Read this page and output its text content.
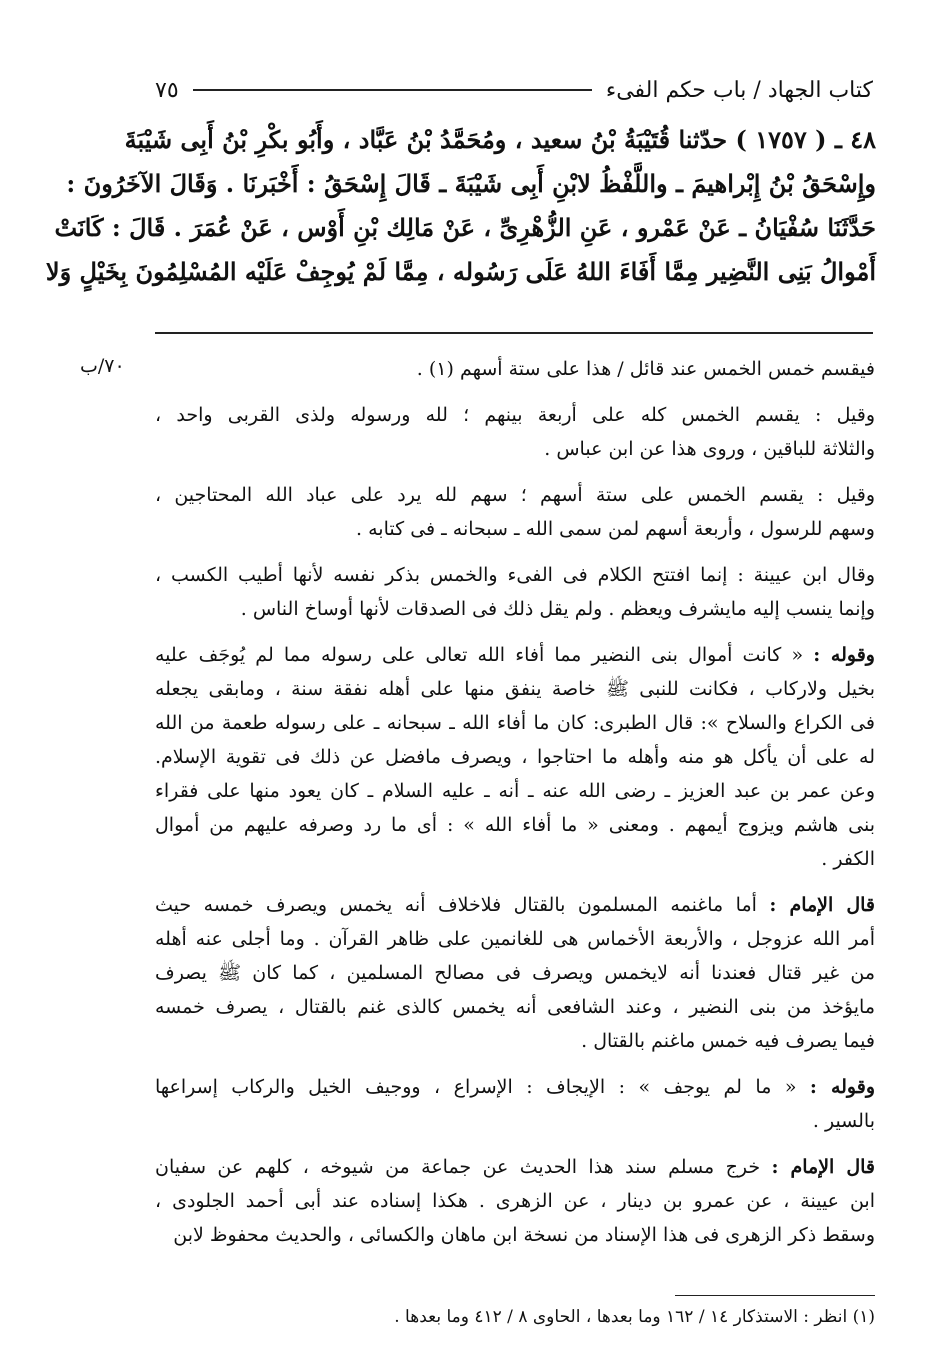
كتاب الجهاد / باب حكم الفىء
٧٥
٤٨ ـ ( ١٧٥٧ ) حدّثنا قُتَيْبَةُ بْنُ سعيد ، ومُحَمَّدُ بْنُ عَبَّاد ، وأَبُو بكْرِ بْنُ أَبِى شَيْبَةَ
وإِسْحَقُ بْنُ إِبْراهيمَ ـ واللَّفْظُ لابْنِ أَبِى شَيْبَةَ ـ قَالَ إِسْحَقُ : أَخْبَرنَا . وَقَالَ الآخَرُونَ :
حَدَّثَنَا سُفْيَانُ ـ عَنْ عَمْرو ، عَنِ الزُّهْرِىِّ ، عَنْ مَالِك بْنِ أَوْس ، عَنْ عُمَرَ . قَالَ : كَانَتْ
أَمْوالُ بَنِى النَّضِير مِمَّا أَفَاءَ اللهُ عَلَى رَسُوله ، مِمَّا لَمْ يُوجِفْ عَلَيْه المُسْلِمُونَ بِخَيْلٍ وَلا
٧٠/ب	فيقسم خمس الخمس عند قائل / هذا على ستة أسهم (١) .
وقيل : يقسم الخمس كله على أربعة بينهم ؛ لله ورسوله ولذى القربى واحد ،
والثلاثة للباقين ، وروى هذا عن ابن عباس .
وقيل : يقسم الخمس على ستة أسهم ؛ سهم لله يرد على عباد الله المحتاجين ،
وسهم للرسول ، وأربعة أسهم لمن سمى الله ـ سبحانه ـ فى كتابه .
وقال ابن عيينة : إنما افتتح الكلام فى الفىء والخمس بذكر نفسه لأنها أطيب الكسب ،
وإنما ينسب إليه مايشرف ويعظم . ولم يقل ذلك فى الصدقات لأنها أوساخ الناس .
وقوله : « كانت أموال بنى النضير مما أفاء الله تعالى على رسوله مما لم يُوجَف عليه
بخيل ولاركاب ، فكانت للنبى ﷺ خاصة ينفق منها على أهله نفقة سنة ، ومابقى يجعله
فى الكراع والسلاح »: قال الطبرى: كان ما أفاء الله ـ سبحانه ـ على رسوله طعمة من الله
له على أن يأكل هو منه وأهله ما احتاجوا ، ويصرف مافضل عن ذلك فى تقوية الإسلام.
وعن عمر بن عبد العزيز ـ رضى الله عنه ـ أنه ـ عليه السلام ـ كان يعود منها على فقراء
بنى هاشم ويزوج أيمهم . ومعنى « ما أفاء الله » : أى ما رد وصرفه عليهم من أموال
الكفر .
قال الإمام : أما ماغنمه المسلمون بالقتال فلاخلاف أنه يخمس ويصرف خمسه حيث
أمر الله عزوجل ، والأربعة الأخماس هى للغانمين على ظاهر القرآن . وما أجلى عنه أهله
من غير قتال فعندنا أنه لايخمس ويصرف فى مصالح المسلمين ، كما كان ﷺ يصرف
مايؤخذ من بنى النضير ، وعند الشافعى أنه يخمس كالذى غنم بالقتال ، يصرف خمسه
فيما يصرف فيه خمس ماغنم بالقتال .
وقوله : « ما لم يوجف » : الإيجاف : الإسراع ، ووجيف الخيل والركاب إسراعها
بالسير .
قال الإمام : خرج مسلم سند هذا الحديث عن جماعة من شيوخه ، كلهم عن سفيان
ابن عيينة ، عن عمرو بن دينار ، عن الزهرى . هكذا إسناده عند أبى أحمد الجلودى ،
وسقط ذكر الزهرى فى هذا الإسناد من نسخة ابن ماهان والكسائى ، والحديث محفوظ لابن
(١) انظر : الاستذكار ١٤ / ١٦٢ وما بعدها ، الحاوى ٨ / ٤١٢ وما بعدها .
